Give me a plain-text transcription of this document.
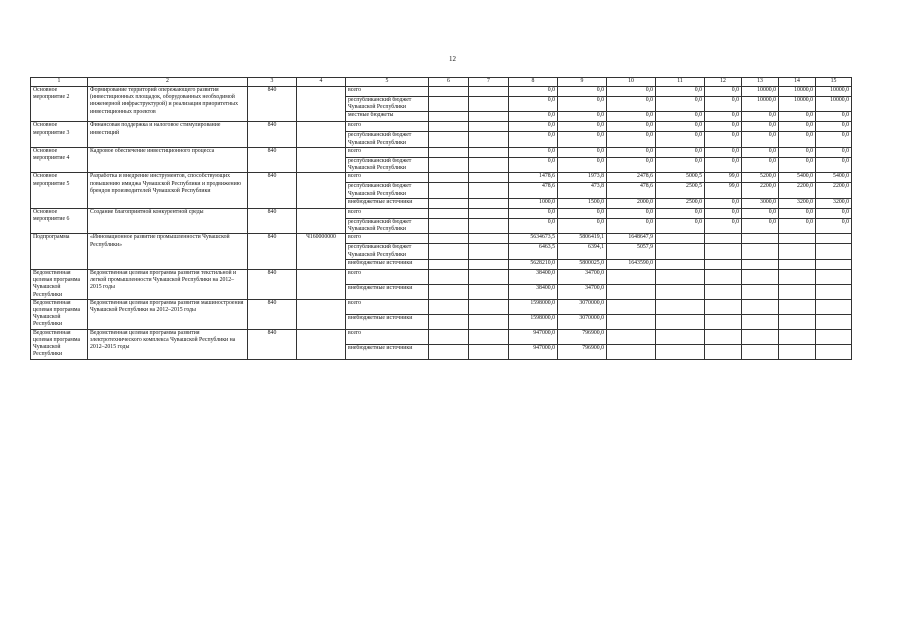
12
1	2	3	4	5	6	7	8	9	10	11	12	13	14	15
Основное мероприятие 2	Формирование территорий опережающего развития (инвестиционных площадок, оборудованных необходимой инженерной инфраструктурой) и реализация приоритетных инвестиционных проектов	840		всего			0,0	0,0	0,0	0,0	0,0	10000,0	10000,0	10000,0
				республиканский бюджет Чувашской Республики			0,0	0,0	0,0	0,0	0,0	10000,0	10000,0	10000,0
				местные бюджеты			0,0	0,0	0,0	0,0	0,0	0,0	0,0	0,0
Основное мероприятие 3	Финансовая поддержка и налоговое стимулирование инвестиций	840		всего			0,0	0,0	0,0	0,0	0,0	0,0	0,0	0,0
				республиканский бюджет Чувашской Республики			0,0	0,0	0,0	0,0	0,0	0,0	0,0	0,0
Основное мероприятие 4	Кадровое обеспечение инвестиционного процесса	840		всего			0,0	0,0	0,0	0,0	0,0	0,0	0,0	0,0
				республиканский бюджет Чувашской Республики			0,0	0,0	0,0	0,0	0,0	0,0	0,0	0,0
Основное мероприятие 5	Разработка и внедрение инструментов, способствующих повышению имиджа Чувашской Республики и продвижению брендов производителей Чувашской Республики	840		всего			1478,6	1973,8	2478,6	5000,5	99,0	5200,0	5400,0	5400,0
				республиканский бюджет Чувашской Республики			478,6	473,8	478,6	2500,5	99,0	2200,0	2200,0	2200,0
				внебюджетные источники			1000,0	1500,0	2000,0	2500,0	0,0	3000,0	3200,0	3200,0
Основное мероприятие 6	Создание благоприятной конкурентной среды	840		всего			0,0	0,0	0,0	0,0	0,0	0,0	0,0	0,0
				республиканский бюджет Чувашской Республики			0,0	0,0	0,0	0,0	0,0	0,0	0,0	0,0
Подпрограмма	«Инновационное развитие промышленности Чувашской Республики»	840	Ч160000000	всего			5634673,5	5806419,1	1648647,9					
				республиканский бюджет Чувашской Республики			6463,5	6394,1	5057,9					
				внебюджетные источники			5628210,0	5800025,0	1643590,0					
Ведомственная целевая программа Чувашской Республики	Ведомственная целевая программа развития текстильной и легкой промышленности Чувашской Республики на 2012–2015 годы	840		всего			38400,0	34700,0						
				внебюджетные источники			38400,0	34700,0						
Ведомственная целевая программа Чувашской Республики	Ведомственная целевая программа развития машиностроения Чувашской Республики на 2012–2015 годы	840		всего			1598000,0	3070000,0						
				внебюджетные источники			1598000,0	3070000,0						
Ведомственная целевая программа Чувашской Республики	Ведомственная целевая программа развития электротехнического комплекса Чувашской Республики на 2012–2015 годы	840		всего			947000,0	796900,0						
				внебюджетные источники			947000,0	796900,0						
